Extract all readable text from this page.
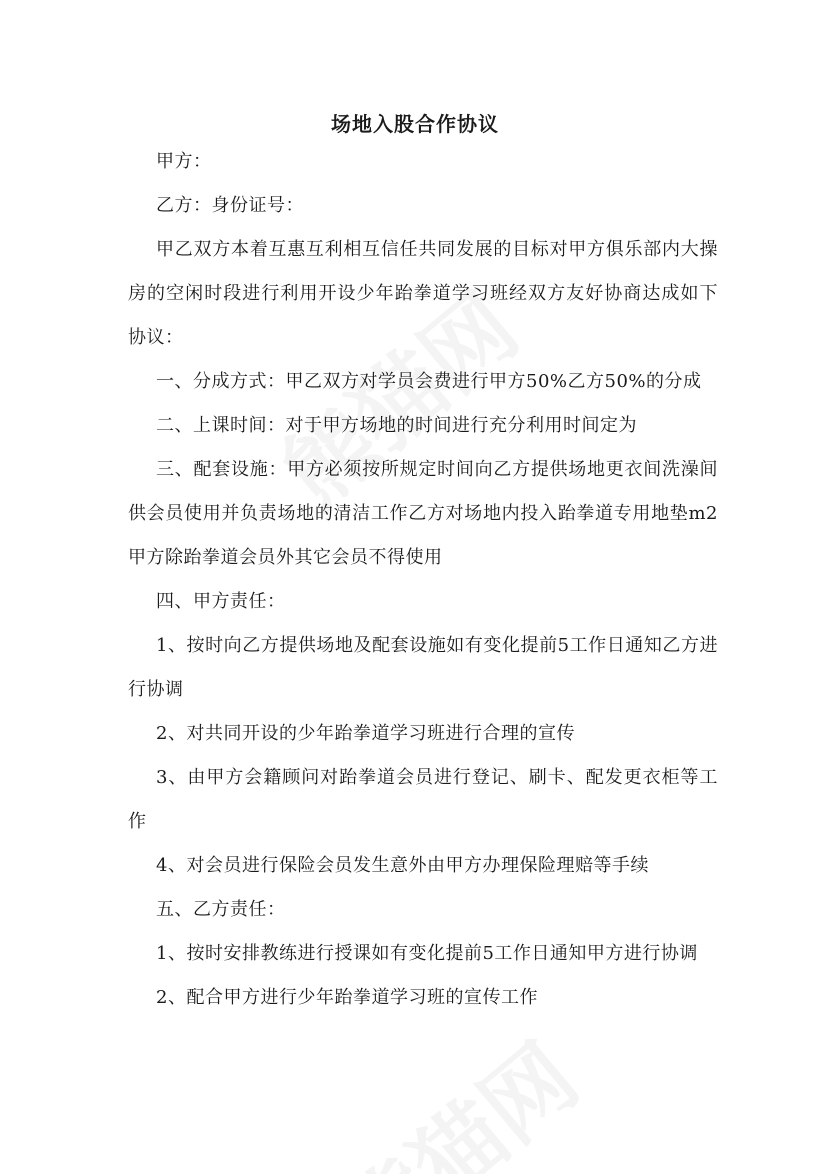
场地入股合作协议

甲方：

乙方：身份证号：

甲乙双方本着互惠互利相互信任共同发展的目标对甲方俱乐部内大操房的空闲时段进行利用开设少年跆拳道学习班经双方友好协商达成如下协议：

一、分成方式：甲乙双方对学员会费进行甲方50%乙方50%的分成

二、上课时间：对于甲方场地的时间进行充分利用时间定为

三、配套设施：甲方必须按所规定时间向乙方提供场地更衣间洗澡间供会员使用并负责场地的清洁工作乙方对场地内投入跆拳道专用地垫m2甲方除跆拳道会员外其它会员不得使用

四、甲方责任：

1、按时向乙方提供场地及配套设施如有变化提前5工作日通知乙方进行协调

2、对共同开设的少年跆拳道学习班进行合理的宣传

3、由甲方会籍顾问对跆拳道会员进行登记、刷卡、配发更衣柜等工作

4、对会员进行保险会员发生意外由甲方办理保险理赔等手续

五、乙方责任：

1、按时安排教练进行授课如有变化提前5工作日通知甲方进行协调

2、配合甲方进行少年跆拳道学习班的宣传工作
